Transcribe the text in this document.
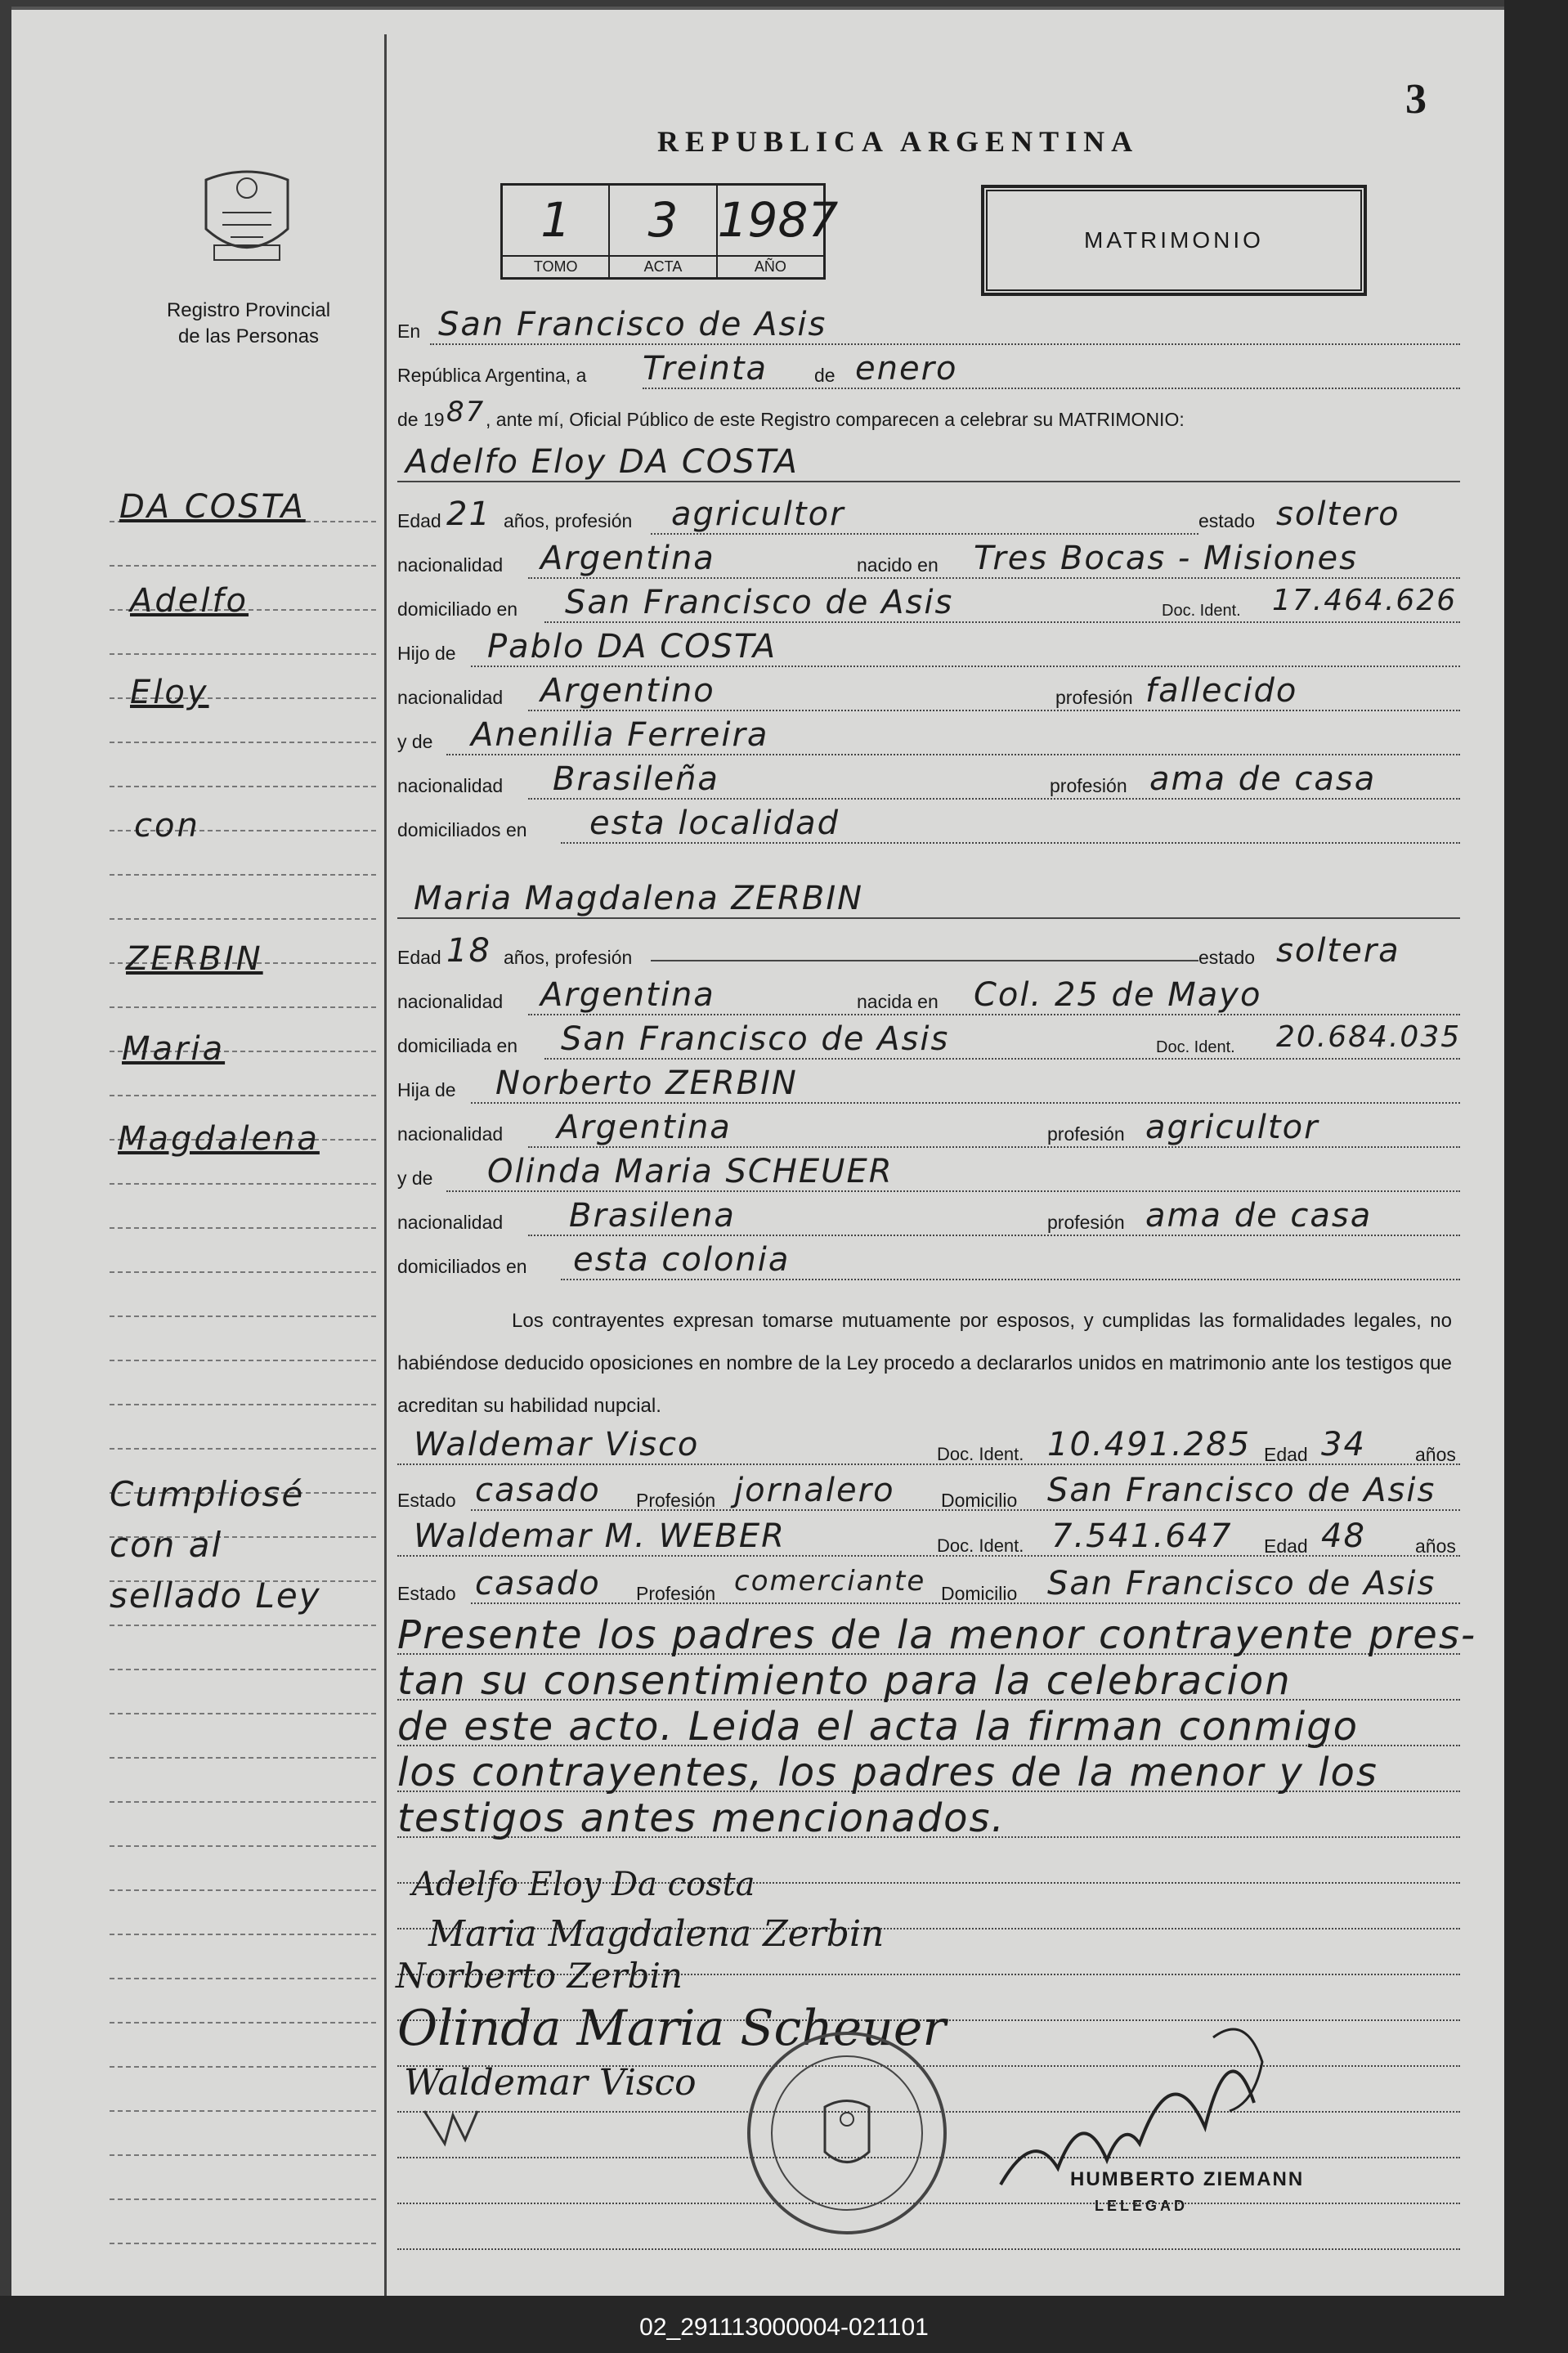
3
REPUBLICA ARGENTINA
Registro Provincial
de las Personas
1
TOMO
3
ACTA
1987
AÑO
MATRIMONIO
DA COSTA
Adelfo
Eloy
con
ZERBIN
Maria
Magdalena
Cumpliosé
con al
sellado Ley
En San Francisco de Asis
República Argentina, a Treinta de enero
de 19 87 , ante mí, Oficial Público de este Registro comparecen a celebrar su MATRIMONIO:
Adelfo Eloy DA COSTA
Edad 21 años, profesión agricultor	estado soltero
nacionalidad Argentina	nacido en Tres Bocas - Misiones
domiciliado en San Francisco de Asis	Doc. Ident. 17.464.626
Hijo de Pablo DA COSTA
nacionalidad Argentino	profesión fallecido
y de Anenilia Ferreira
nacionalidad Brasileña	profesión ama de casa
domiciliados en esta localidad
Maria Magdalena ZERBIN
Edad 18 años, profesión	estado soltera
nacionalidad Argentina	nacida en Col. 25 de Mayo
domiciliada en San Francisco de Asis	Doc. Ident. 20.684.035
Hija de Norberto ZERBIN
nacionalidad Argentina	profesión agricultor
y de Olinda Maria SCHEUER
nacionalidad Brasilena	profesión ama de casa
domiciliados en esta colonia
Los contrayentes expresan tomarse mutuamente por esposos, y cumplidas las formalidades legales, no habiéndose deducido oposiciones en nombre de la Ley procedo a declararlos unidos en matrimonio ante los testigos que acreditan su habilidad nupcial.
Waldemar Visco	Doc. Ident. 10.491.285 Edad 34	años
Estado casado Profesión jornalero Domicilio San Francisco de Asis
Waldemar M. WEBER	Doc. Ident. 7.541.647 Edad 48	años
Estado casado Profesión comerciante Domicilio San Francisco de Asis
Presente los padres de la menor contrayente pres-
tan su consentimiento para la celebracion
de este acto. Leida el acta la firman conmigo
los contrayentes, los padres de la menor y los
testigos antes mencionados.
Adelfo Eloy Da costa
Maria Magdalena Zerbin
Norberto Zerbin
Olinda Maria Scheuer
Waldemar Visco
HUMBERTO ZIEMANN
LELEGAD
02_291113000004-021101
